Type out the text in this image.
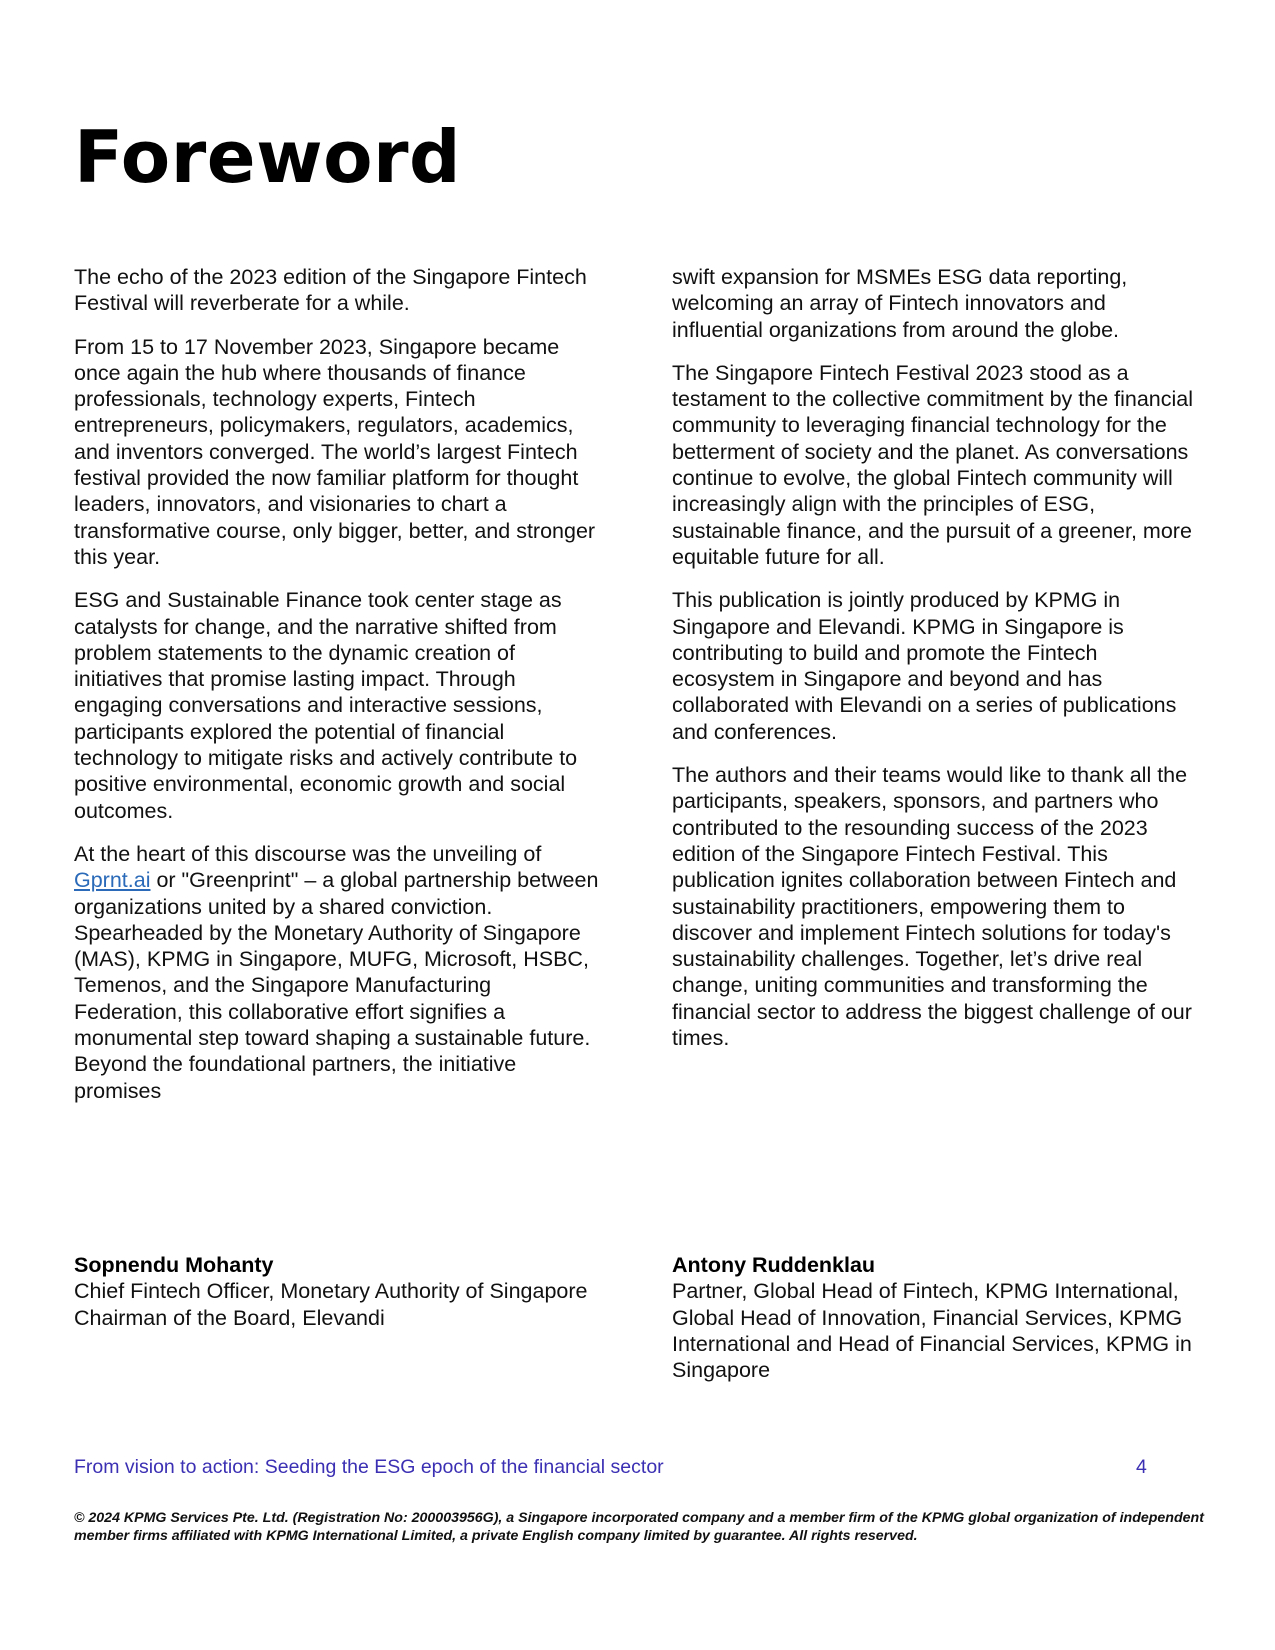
Foreword

The echo of the 2023 edition of the Singapore Fintech Festival will reverberate for a while.

From 15 to 17 November 2023, Singapore became once again the hub where thousands of finance professionals, technology experts, Fintech entrepreneurs, policymakers, regulators, academics, and inventors converged. The world’s largest Fintech festival provided the now familiar platform for thought leaders, innovators, and visionaries to chart a transformative course, only bigger, better, and stronger this year.

ESG and Sustainable Finance took center stage as catalysts for change, and the narrative shifted from problem statements to the dynamic creation of initiatives that promise lasting impact. Through engaging conversations and interactive sessions, participants explored the potential of financial technology to mitigate risks and actively contribute to positive environmental, economic growth and social outcomes.

At the heart of this discourse was the unveiling of Gprnt.ai or "Greenprint" – a global partnership between organizations united by a shared conviction. Spearheaded by the Monetary Authority of Singapore (MAS), KPMG in Singapore, MUFG, Microsoft, HSBC, Temenos, and the Singapore Manufacturing Federation, this collaborative effort signifies a monumental step toward shaping a sustainable future. Beyond the foundational partners, the initiative promises

swift expansion for MSMEs ESG data reporting, welcoming an array of Fintech innovators and influential organizations from around the globe.

The Singapore Fintech Festival 2023 stood as a testament to the collective commitment by the financial community to leveraging financial technology for the betterment of society and the planet. As conversations continue to evolve, the global Fintech community will increasingly align with the principles of ESG, sustainable finance, and the pursuit of a greener, more equitable future for all.

This publication is jointly produced by KPMG in Singapore and Elevandi. KPMG in Singapore is contributing to build and promote the Fintech ecosystem in Singapore and beyond and has collaborated with Elevandi on a series of publications and conferences.

The authors and their teams would like to thank all the participants, speakers, sponsors, and partners who contributed to the resounding success of the 2023 edition of the Singapore Fintech Festival. This publication ignites collaboration between Fintech and sustainability practitioners, empowering them to discover and implement Fintech solutions for today's sustainability challenges. Together, let’s drive real change, uniting communities and transforming the financial sector to address the biggest challenge of our times.

Sopnendu Mohanty
Chief Fintech Officer, Monetary Authority of Singapore
Chairman of the Board, Elevandi
Antony Ruddenklau
Partner, Global Head of Fintech, KPMG International, Global Head of Innovation, Financial Services, KPMG International and Head of Financial Services, KPMG in Singapore
From vision to action: Seeding the ESG epoch of the financial sector	4
© 2024 KPMG Services Pte. Ltd. (Registration No: 200003956G), a Singapore incorporated company and a member firm of the KPMG global organization of independent member firms affiliated with KPMG International Limited, a private English company limited by guarantee. All rights reserved.
